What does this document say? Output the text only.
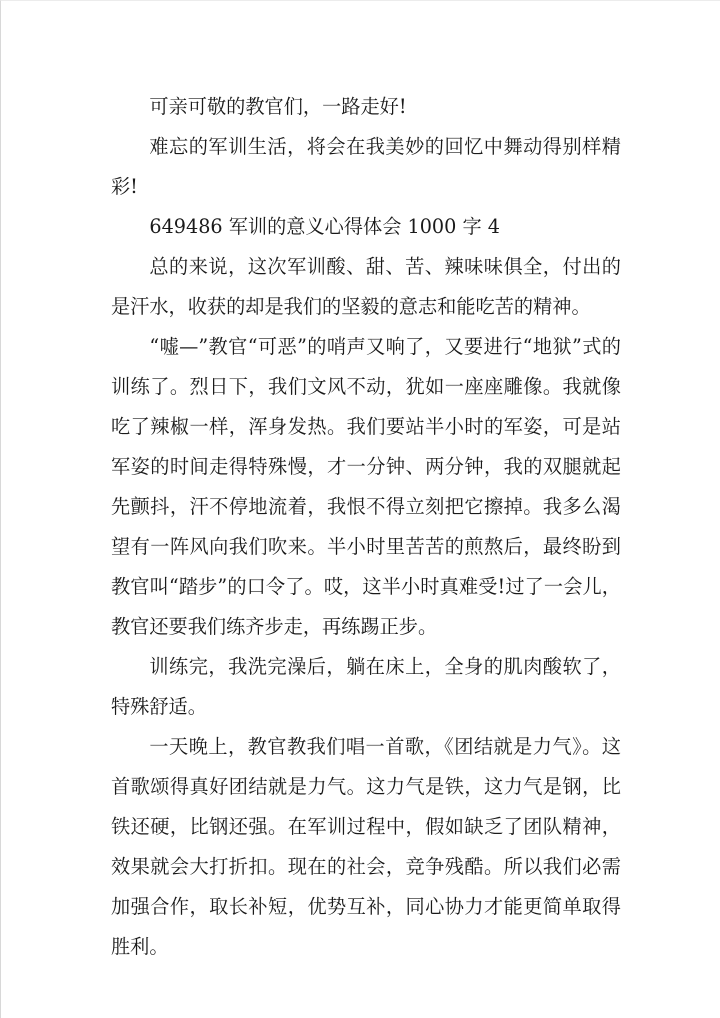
可亲可敬的教官们，一路走好!

难忘的军训生活，将会在我美妙的回忆中舞动得别样精彩!

649486 军训的意义心得体会 1000 字 4

总的来说，这次军训酸、甜、苦、辣味味俱全，付出的是汗水，收获的却是我们的坚毅的意志和能吃苦的精神。

“嘘—”教官“可恶”的哨声又响了，又要进行“地狱”式的训练了。烈日下，我们文风不动，犹如一座座雕像。我就像吃了辣椒一样，浑身发热。我们要站半小时的军姿，可是站军姿的时间走得特殊慢，才一分钟、两分钟，我的双腿就起先颤抖，汗不停地流着，我恨不得立刻把它擦掉。我多么渴望有一阵风向我们吹来。半小时里苦苦的煎熬后，最终盼到教官叫“踏步”的口令了。哎，这半小时真难受!过了一会儿，教官还要我们练齐步走，再练踢正步。

训练完，我洗完澡后，躺在床上，全身的肌肉酸软了，特殊舒适。

一天晚上，教官教我们唱一首歌，《团结就是力气》。这首歌颂得真好团结就是力气。这力气是铁，这力气是钢，比铁还硬，比钢还强。在军训过程中，假如缺乏了团队精神，效果就会大打折扣。现在的社会，竞争残酷。所以我们必需加强合作，取长补短，优势互补，同心协力才能更简单取得胜利。
